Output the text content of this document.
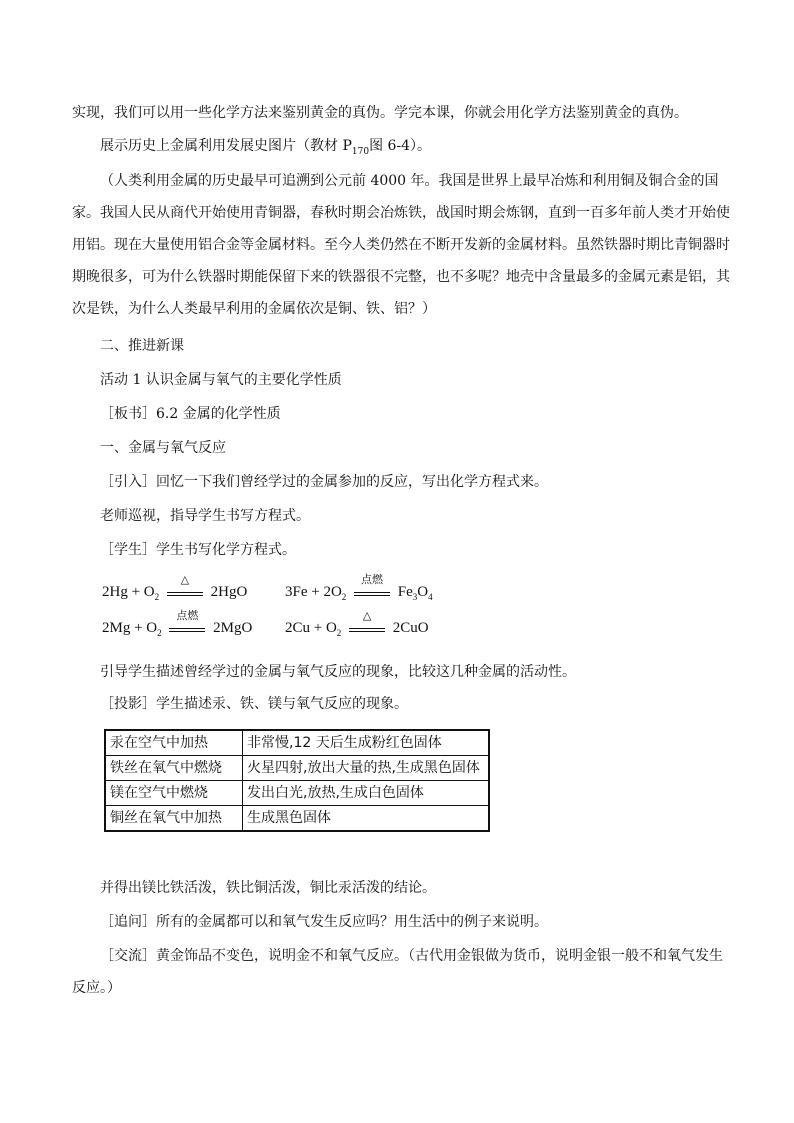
实现，我们可以用一些化学方法来鉴别黄金的真伪。学完本课，你就会用化学方法鉴别黄金的真伪。

展示历史上金属利用发展史图片（教材 $P_{170}$图 6-4）。

（人类利用金属的历史最早可追溯到公元前 4000 年。我国是世界上最早冶炼和利用铜及铜合金的国家。我国人民从商代开始使用青铜器，春秋时期会冶炼铁，战国时期会炼钢，直到一百多年前人类才开始使用铝。现在大量使用铝合金等金属材料。至今人类仍然在不断开发新的金属材料。虽然铁器时期比青铜器时期晚很多，可为什么铁器时期能保留下来的铁器很不完整，也不多呢？地壳中含量最多的金属元素是铝，其次是铁，为什么人类最早利用的金属依次是铜、铁、铝？）

二、推进新课

活动 1 认识金属与氧气的主要化学性质

［板书］6.2 金属的化学性质

一、金属与氧气反应

［引入］回忆一下我们曾经学过的金属参加的反应，写出化学方程式来。

老师巡视，指导学生书写方程式。

［学生］学生书写化学方程式。

$2Hg + O_2$
△
2HgO	$3Fe + 2O_2$
点燃
$Fe_3O_4$
$2Mg + O_2$
点燃
2MgO $2Cu + O_2$
△
2CuO

引导学生描述曾经学过的金属与氧气反应的现象，比较这几种金属的活动性。

［投影］学生描述汞、铁、镁与氧气反应的现象。

汞在空气中加热	非常慢,12 天后生成粉红色固体
铁丝在氧气中燃烧	火星四射,放出大量的热,生成黑色固体
镁在空气中燃烧	发出白光,放热,生成白色固体
铜丝在氧气中加热	生成黑色固体

并得出镁比铁活泼，铁比铜活泼，铜比汞活泼的结论。

［追问］所有的金属都可以和氧气发生反应吗？用生活中的例子来说明。

［交流］黄金饰品不变色，说明金不和氧气反应。（古代用金银做为货币，说明金银一般不和氧气发生反应。）
